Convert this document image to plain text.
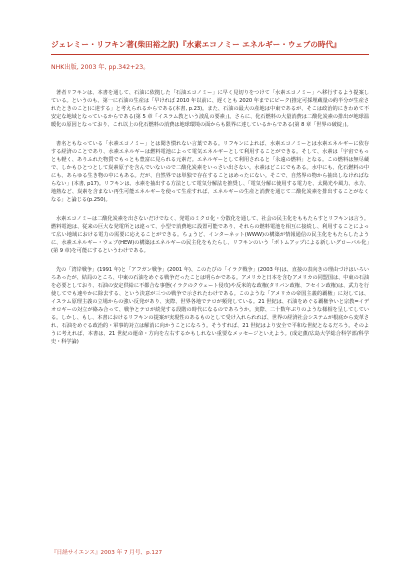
ジェレミー・リフキン著(柴田裕之訳)『水素エコノミー エネルギー・ウェブの時代』
NHK出版, 2003 年, pp.342+23。

著者リフキンは、本書を通して、石油に依拠した「石油エコノミー」に早く見切りをつけて「水素エコノミー」へ移行するよう提案している。というのも、第一に石油の生産は「早ければ 2010 年以前に、遅くとも 2020 年までにピーク(推定可採埋蔵量の約半分が生産されたときのこと)に達する」と考えられるからである(本書, p.23)。また、石油の最大の産地は中東であるが、そこは政治的にきわめて不安定な地域となっているからである(第 5 章「イスラム教という波乱の要素」)。さらに、化石燃料の大量消費は二酸化炭素の排出が地球温暖化の原因となっており、これ以上の化石燃料の消費は地球環境の面からも限界に達しているからである(第 8 章「世界の破綻」)。

書名ともなっている「水素エコノミー」とは聞き慣れない言葉である。リフキンによれば、水素エコノミーとは水素エネルギーに依存する経済のことであり、水素エネルギーは燃料電池によって電気エネルギーとして利用することができる。そして、水素は「宇宙でもっとも軽く、ありふれた物質でもっとも豊富に見られる元素だ。エネルギーとして利用されると「永遠の燃料」となる。この燃料は無尽蔵で、しかもひとつとして炭素原子を含んでいないので二酸化炭素をいっさい出さない。水素はどこにでもある。水中にも、化石燃料の中にも、あらゆる生き物の中にもある。だが、自然界では単独で存在することはめったにない。そこで、自然界の物から抽出しなければならない」(本書, p17)。リフキンは、水素を抽出する方法として電気分解法を推奨し、「電気分解に使用する電力を、太陽光や風力、水力、地熱など、炭素を含まない再生可能エネルギーを使って生産すれば、エネルギーの生産と消費を通じて二酸化炭素を排出することがなくなる」と論じる(p.250)。

水素エコノミーは二酸化炭素を出さないだけでなく、発電のミクロ化・分散化を通して、社会の民主化をももたらすとリフキンは言う。燃料電池は、従来の巨大な発電所とは違って、小型で消費地に設置可能であり、それらの燃料電池を相互に接続し、利用することによって広い地域における電力の需要に応えることができる。ちょうど、インターネット(WWW)の構築が情報通信の民主化をもたらしたように、水素エネルギー・ウェブ(HEW)の構築はエネルギーの民主化をもたらし、リフキンのいう「ボトムアップによる新しいグローバル化」(第 9 章)を可能にするというわけである。

先の「湾岸戦争」(1991 年)と「アフガン戦争」(2001 年)、このたびの「イラク戦争」(2003 年)は、直接の表向きの理由づけはいろいろあったが、結局のところ、中東の石油をめぐる戦争だったことは明らかである。アメリカと日本を含むアメリカの同盟国は、中東の石油を必要としており、石油の安定供給に不都合な事態(イラクのクウェート侵攻)や反米的な政権(タリバン政権、フセイン政権)は、武力を行使してでも速やかに除去する、という決意が三つの戦争で示されたわけである。このような「アメリカの帝国主義的覇権」に対しては、イスラム原理主義の立場からの強い反発があり、実際、世界各地でテロが頻発している。21 世紀は、石油をめぐる覇権争いと宗教=イデオロギーの対立が絡み合って、戦争とテロが続発する段階の時代になるのであろうか。実際、二十数年ぶりのような様相を呈してしている。しかし、もし、本書におけるリフキンの提案が実現性のあるものとして受け入れられれば、世界の経済社会システムが根底から変革され、石油をめぐる政治的・軍事的対立は解消に向かうことになろう。そうすれば、21 世紀はより安全で平和な世紀となるだろう。そのように考えれば、本書は、21 世紀の運命・方向を左右するかもしれない重要なメッセージといえよう。(成定薫/広島大学総合科学部/科学史・科学論)

『日経サイエンス』2003 年 7 月号、p.127
